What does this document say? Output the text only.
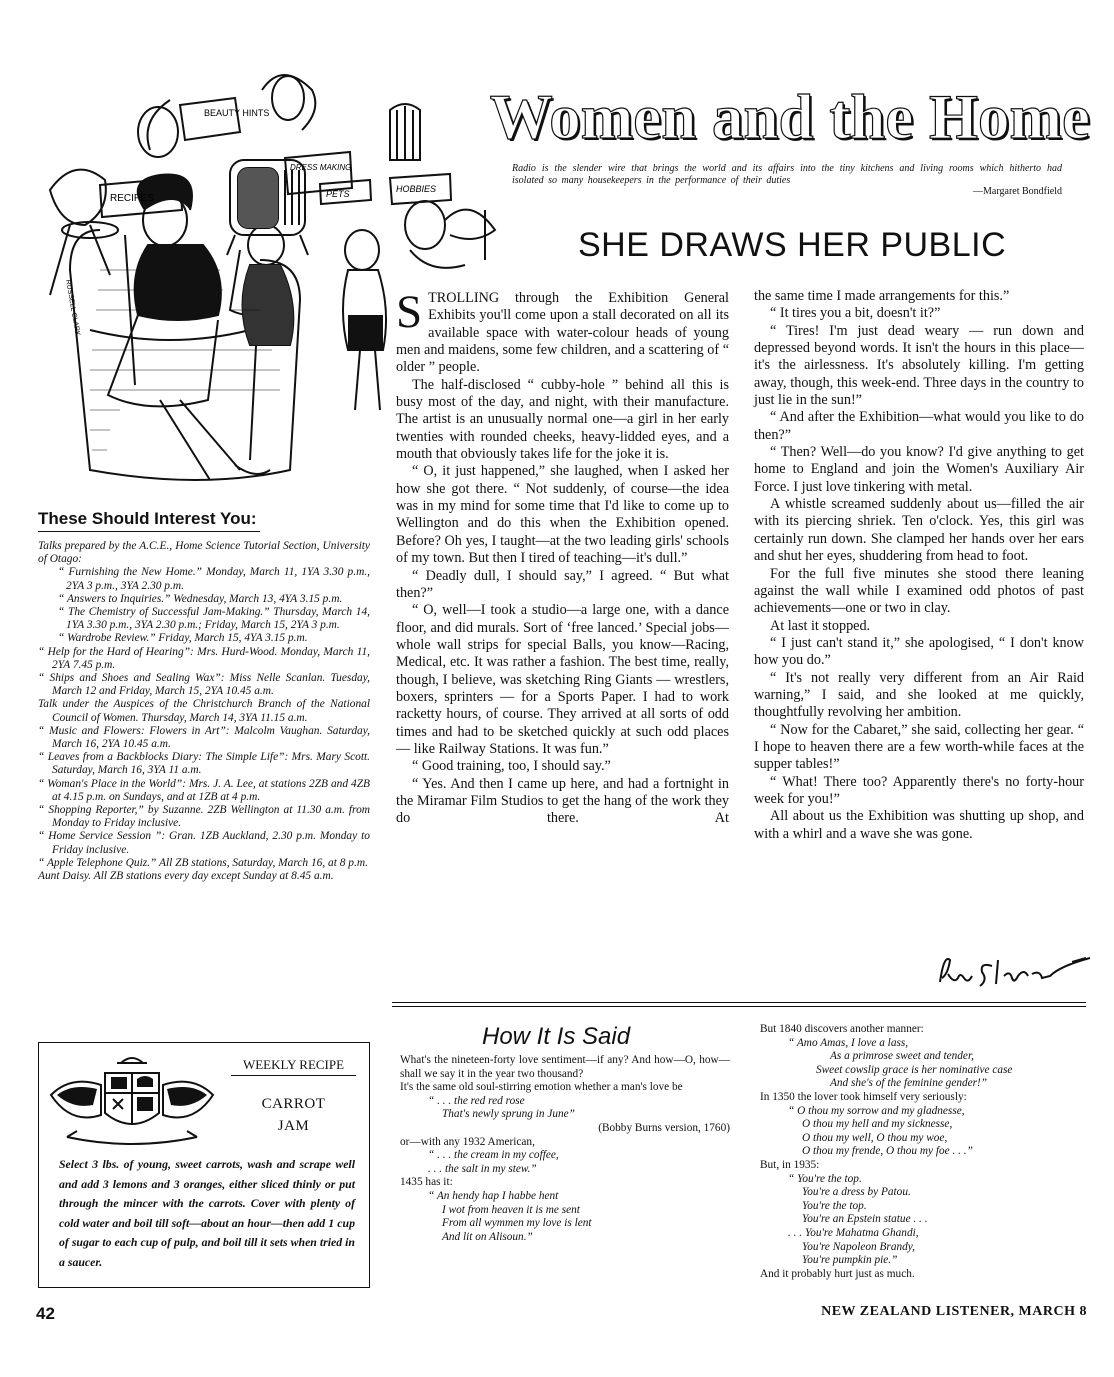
BEAUTY HINTS
DRESS MAKING
RECIPES	PETS	HOBBIES
RUSSELL CLARK
Women and the Home
Radio is the slender wire that brings the world and its affairs into the tiny kitchens and living rooms which hitherto had isolated so many housekeepers in the performance of their duties
—Margaret Bondfield
SHE DRAWS HER PUBLIC
These Should Interest You:

Talks prepared by the A.C.E., Home Science Tutorial Section, University of Otago:

“ Furnishing the New Home.” Monday, March 11, 1YA 3.30 p.m., 2YA 3 p.m., 3YA 2.30 p.m.

“ Answers to Inquiries.” Wednesday, March 13, 4YA 3.15 p.m.

“ The Chemistry of Successful Jam-Making.” Thursday, March 14, 1YA 3.30 p.m., 3YA 2.30 p.m.; Friday, March 15, 2YA 3 p.m.

“ Wardrobe Review.” Friday, March 15, 4YA 3.15 p.m.

“ Help for the Hard of Hearing”: Mrs. Hurd-Wood. Monday, March 11, 2YA 7.45 p.m.

“ Ships and Shoes and Sealing Wax”: Miss Nelle Scanlan. Tuesday, March 12 and Friday, March 15, 2YA 10.45 a.m.

Talk under the Auspices of the Christchurch Branch of the National Council of Women. Thursday, March 14, 3YA 11.15 a.m.

“ Music and Flowers: Flowers in Art”: Malcolm Vaughan. Saturday, March 16, 2YA 10.45 a.m.

“ Leaves from a Backblocks Diary: The Simple Life”: Mrs. Mary Scott. Saturday, March 16, 3YA 11 a.m.

“ Woman's Place in the World”: Mrs. J. A. Lee, at stations 2ZB and 4ZB at 4.15 p.m. on Sundays, and at 1ZB at 4 p.m.

“ Shopping Reporter,” by Suzanne. 2ZB Wellington at 11.30 a.m. from Monday to Friday inclusive.

“ Home Service Session ”: Gran. 1ZB Auckland, 2.30 p.m. Monday to Friday inclusive.

“ Apple Telephone Quiz.” All ZB stations, Saturday, March 16, at 8 p.m.

Aunt Daisy. All ZB stations every day except Sunday at 8.45 a.m.

STROLLING through the Exhibition General Exhibits you'll come upon a stall decorated on all its available space with water-colour heads of young men and maidens, some few children, and a scattering of “ older ” people.

The half-disclosed “ cubby-hole ” behind all this is busy most of the day, and night, with their manufacture. The artist is an unusually normal one—a girl in her early twenties with rounded cheeks, heavy-lidded eyes, and a mouth that obviously takes life for the joke it is.

“ O, it just happened,” she laughed, when I asked her how she got there. “ Not suddenly, of course—the idea was in my mind for some time that I'd like to come up to Wellington and do this when the Exhibition opened. Before? Oh yes, I taught—at the two leading girls' schools of my town. But then I tired of teaching—it's dull.”

“ Deadly dull, I should say,” I agreed. “ But what then?”

“ O, well—I took a studio—a large one, with a dance floor, and did murals. Sort of ‘free lanced.’ Special jobs—whole wall strips for special Balls, you know—Racing, Medical, etc. It was rather a fashion. The best time, really, though, I believe, was sketching Ring Giants — wrestlers, boxers, sprinters — for a Sports Paper. I had to work racketty hours, of course. They arrived at all sorts of odd times and had to be sketched quickly at such odd places — like Railway Stations. It was fun.”

“ Good training, too, I should say.”

“ Yes. And then I came up here, and had a fortnight in the Miramar Film Studios to get the hang of the work they do there. At

the same time I made arrangements for this.”

“ It tires you a bit, doesn't it?”

“ Tires! I'm just dead weary — run down and depressed beyond words. It isn't the hours in this place—it's the airlessness. It's absolutely killing. I'm getting away, though, this week-end. Three days in the country to just lie in the sun!”

“ And after the Exhibition—what would you like to do then?”

“ Then? Well—do you know? I'd give anything to get home to England and join the Women's Auxiliary Air Force. I just love tinkering with metal.

A whistle screamed suddenly about us—filled the air with its piercing shriek. Ten o'clock. Yes, this girl was certainly run down. She clamped her hands over her ears and shut her eyes, shuddering from head to foot.

For the full five minutes she stood there leaning against the wall while I examined odd photos of past achievements—one or two in clay.

At last it stopped.

“ I just can't stand it,” she apologised, “ I don't know how you do.”

“ It's not really very different from an Air Raid warning,” I said, and she looked at me quickly, thoughtfully revolving her ambition.

“ Now for the Cabaret,” she said, collecting her gear. “ I hope to heaven there are a few worth-while faces at the supper tables!”

“ What! There too? Apparently there's no forty-hour week for you!”

All about us the Exhibition was shutting up shop, and with a whirl and a wave she was gone.

WEEKLY RECIPE
CARROT
JAM
Select 3 lbs. of young, sweet carrots, wash and scrape well and add 3 lemons and 3 oranges, either sliced thinly or put through the mincer with the carrots. Cover with plenty of cold water and boil till soft—about an hour—then add 1 cup of sugar to each cup of pulp, and boil till it sets when tried in a saucer.
How It Is Said
What's the nineteen-forty love sentiment—if any? And how—O, how—shall we say it in the year two thousand?
It's the same old soul-stirring emotion whether a man's love be
“ . . . the red red rose
That's newly sprung in June”
(Bobby Burns version, 1760)
or—with any 1932 American,
“ . . . the cream in my coffee,
. . . the salt in my stew.”
1435 has it:
“ An hendy hap I habbe hent
I wot from heaven it is me sent
From all wymmen my love is lent
And lit on Alisoun.”
But 1840 discovers another manner:
“ Amo Amas, I love a lass,
As a primrose sweet and tender,
Sweet cowslip grace is her nominative case
And she's of the feminine gender!”
In 1350 the lover took himself very seriously:
“ O thou my sorrow and my gladnesse,
O thou my hell and my sicknesse,
O thou my well, O thou my woe,
O thou my frende, O thou my foe . . .”
But, in 1935:
“ You're the top.
You're a dress by Patou.
You're the top.
You're an Epstein statue . . .
. . . You're Mahatma Ghandi,
You're Napoleon Brandy,
You're pumpkin pie.”
And it probably hurt just as much.
42	NEW ZEALAND LISTENER, MARCH 8
